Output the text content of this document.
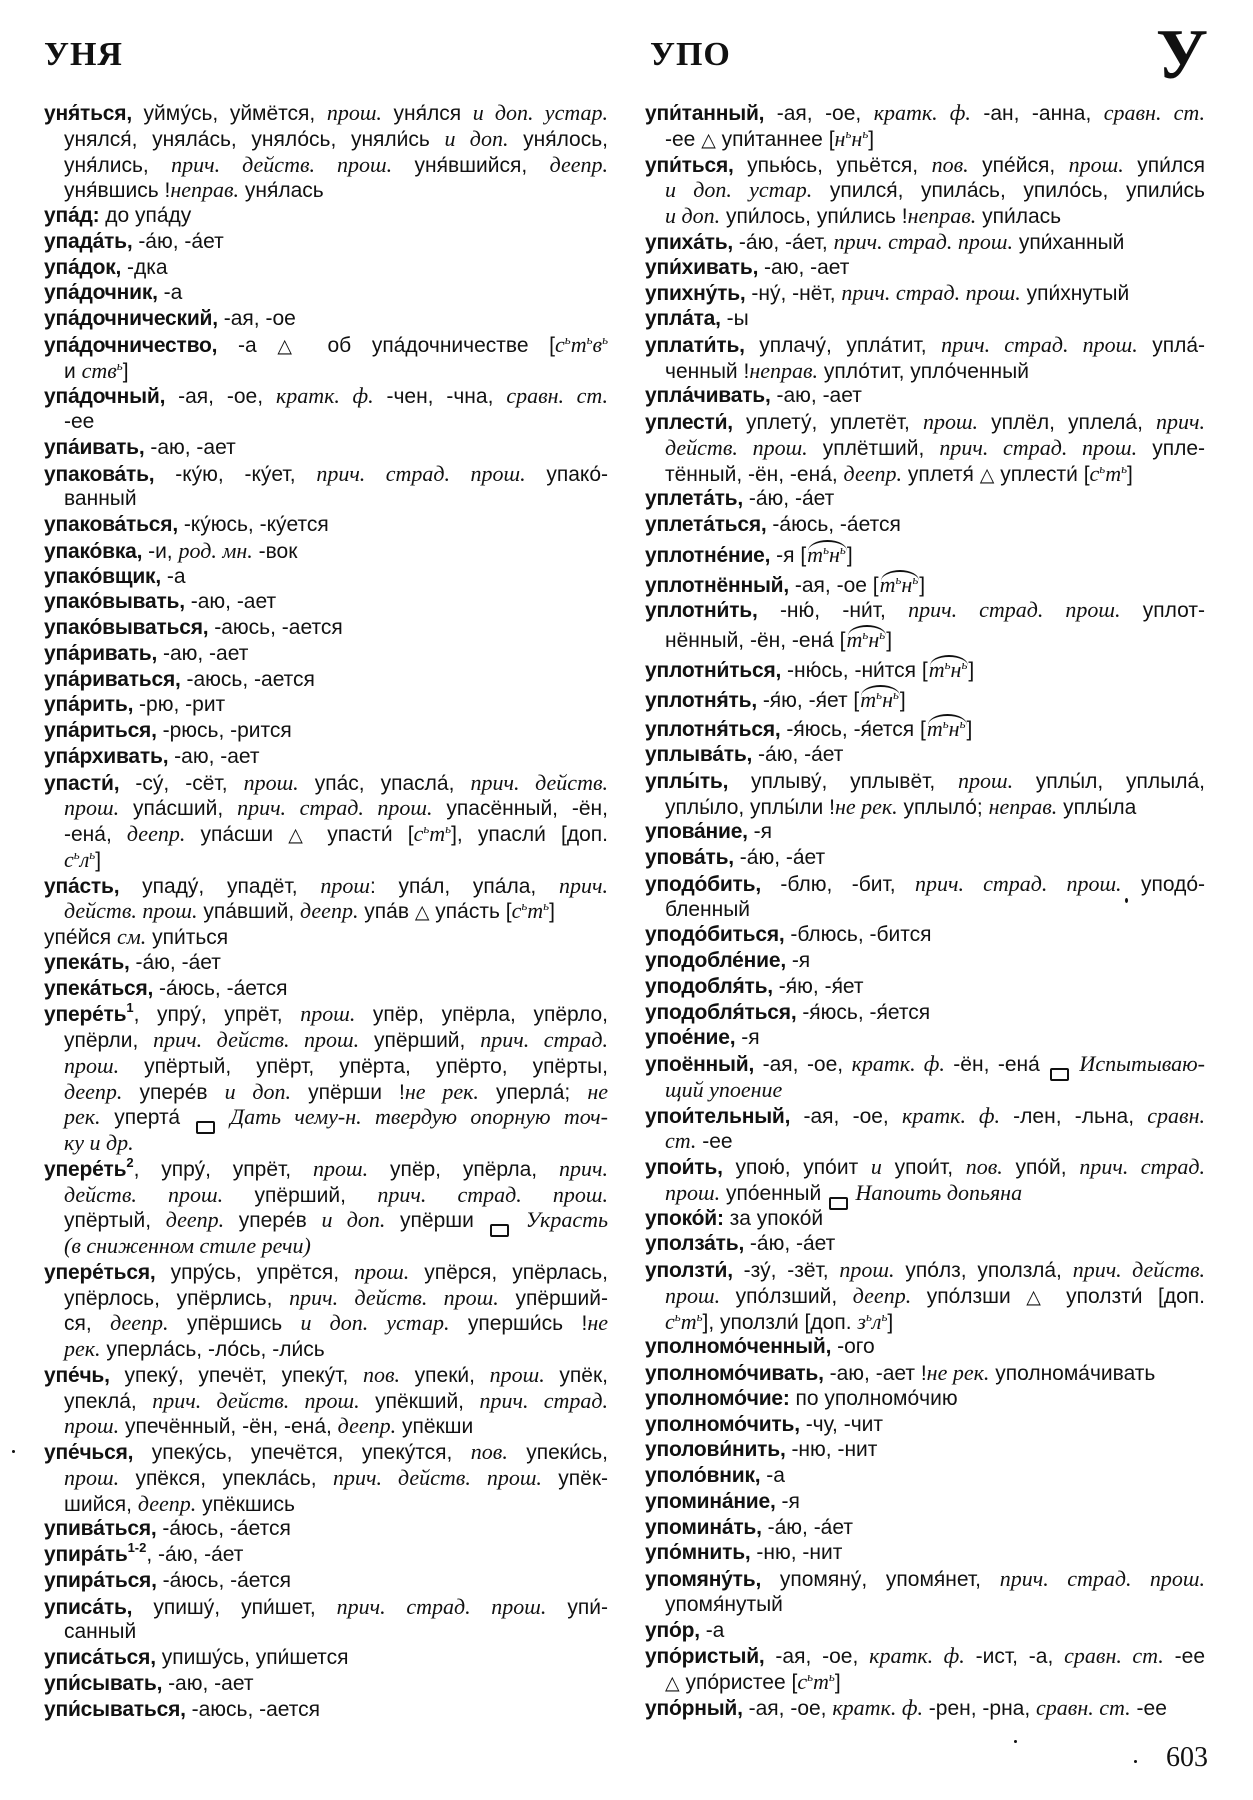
УНЯ	УПО	У
уня́ться, уйму́сь, уймётся, прош. уня́лся и доп. устар.
унялся́, уняла́сь, уняло́сь, уняли́сь и доп. уня́лось,
уня́лись, прич. действ. прош. уня́вшийся, деепр.
уня́вшись !неправ. уня́лась
упа́д: до упа́ду
упада́ть, -а́ю, -а́ет
упа́док, -дка
упа́дочник, -а
упа́дочнический, -ая, -ое
упа́дочничество, -а △ об упа́дочничестве [$с^ьт^ьв^ь$
и ств$^ь$]
упа́дочный, -ая, -ое, кратк. ф. -чен, -чна, сравн. ст.
-ее
упа́ивать, -аю, -ает
упакова́ть, -ку́ю, -ку́ет, прич. страд. прош. упако́-
ванный
упакова́ться, -ку́юсь, -ку́ется
упако́вка, -и, род. мн. -вок
упако́вщик, -а
упако́вывать, -аю, -ает
упако́вываться, -аюсь, -ается
упа́ривать, -аю, -ает
упа́риваться, -аюсь, -ается
упа́рить, -рю, -рит
упа́риться, -рюсь, -рится
упа́рхивать, -аю, -ает
упасти́, -су́, -сёт, прош. упа́с, упасла́, прич. действ.
прош. упа́сший, прич. страд. прош. упасённый, -ён,
-ена́, деепр. упа́сши △ упасти́ $[с^ьт^ь]$, упасли́ [доп.
$с^ьл^ь$]
упа́сть, упаду́, упадёт, прош: упа́л, упа́ла, прич.
действ. прош. упа́вший, деепр. упа́в △ упа́сть $[с^ьт^ь]$
упе́йся см. упи́ться
упека́ть, -а́ю, -а́ет
упека́ться, -а́юсь, -а́ется
$упере́ть^1$, упру́, упрёт, прош. упёр, упёрла, упёрло,
упёрли, прич. действ. прош. упёрший, прич. страд.
прош. упёртый, упёрт, упёрта, упёрто, упёрты,
деепр. упере́в и доп. упёрши !не рек. уперла́; не
рек. уперта́  Дать чему-н. твердую опорную точ-
ку и др.
$упере́ть^2$, упру́, упрёт, прош. упёр, упёрла, прич.
действ. прош. упёрший, прич. страд. прош.
упёртый, деепр. упере́в и доп. упёрши  Украсть
(в сниженном стиле речи)
упере́ться, упру́сь, упрётся, прош. упёрся, упёрлась,
упёрлось, упёрлись, прич. действ. прош. упёрший-
ся, деепр. упёршись и доп. устар. уперши́сь !не
рек. уперла́сь, -ло́сь, -ли́сь
упе́чь, упеку́, упечёт, упеку́т, пов. упеки́, прош. упёк,
упекла́, прич. действ. прош. упёкший, прич. страд.
прош. упечённый, -ён, -ена́, деепр. упёкши
упе́чься, упеку́сь, упечётся, упеку́тся, пов. упеки́сь,
прош. упёкся, упекла́сь, прич. действ. прош. упёк-
шийся, деепр. упёкшись
упива́ться, -а́юсь, -а́ется
$упира́ть^{1-2}$, -а́ю, -а́ет
упира́ться, -а́юсь, -а́ется
уписа́ть, упишу́, упи́шет, прич. страд. прош. упи́-
санный
уписа́ться, упишу́сь, упи́шется
упи́сывать, -аю, -ает
упи́сываться, -аюсь, -ается
упи́танный, -ая, -ое, кратк. ф. -ан, -анна, сравн. ст.
-ее △ упи́таннее $[н^ьн^ь]$
упи́ться, упью́сь, упьётся, пов. упе́йся, прош. упи́лся
и доп. устар. упился́, упила́сь, упило́сь, упили́сь
и доп. упи́лось, упи́лись !неправ. упи́лась
упиха́ть, -а́ю, -а́ет, прич. страд. прош. упи́ханный
упи́хивать, -аю, -ает
упихну́ть, -ну́, -нёт, прич. страд. прош. упи́хнутый
упла́та, -ы
уплати́ть, уплачу́, упла́тит, прич. страд. прош. упла́-
ченный !неправ. упло́тит, упло́ченный
упла́чивать, -аю, -ает
уплести́, уплету́, уплетёт, прош. уплёл, уплела́, прич.
действ. прош. уплётший, прич. страд. прош. упле-
тённый, -ён, -ена́, деепр. уплетя́ △ уплести́ $[с^ьт^ь]$
уплета́ть, -а́ю, -а́ет
уплета́ться, -а́юсь, -а́ется
уплотне́ние, -я $[т^ьн^ь]$
уплотнённый, -ая, -ое $[т^ьн^ь]$
уплотни́ть, -ню́, -ни́т, прич. страд. прош. уплот-
нённый, -ён, -ена́ $[т^ьн^ь]$
уплотни́ться, -ню́сь, -ни́тся $[т^ьн^ь]$
уплотня́ть, -я́ю, -я́ет $[т^ьн^ь]$
уплотня́ться, -я́юсь, -я́ется $[т^ьн^ь]$
уплыва́ть, -а́ю, -а́ет
уплы́ть, уплыву́, уплывёт, прош. уплы́л, уплыла́,
уплы́ло, уплы́ли !не рек. уплыло́; неправ. уплы́ла
упова́ние, -я
упова́ть, -а́ю, -а́ет
уподо́бить, -блю, -бит, прич. страд. прош. уподо́-
бленный
уподо́биться, -блюсь, -бится
уподобле́ние, -я
уподобля́ть, -я́ю, -я́ет
уподобля́ться, -я́юсь, -я́ется
упое́ние, -я
упоённый, -ая, -ое, кратк. ф. -ён, -ена́  Испытываю-
щий упоение
упои́тельный, -ая, -ое, кратк. ф. -лен, -льна, сравн.
ст. -ее
упои́ть, упою́, упо́ит и упои́т, пов. упо́й, прич. страд.
прош. упо́енный  Напоить допьяна
упоко́й: за упоко́й
уполза́ть, -а́ю, -а́ет
уползти́, -зу́, -зёт, прош. упо́лз, уползла́, прич. действ.
прош. упо́лзший, деепр. упо́лзши △ уползти́ [доп.
$с^ьт^ь$], уползли́ [доп. $з^ьл^ь$]
уполномо́ченный, -ого
уполномо́чивать, -аю, -ает !не рек. уполнома́чивать
уполномо́чие: по уполномо́чию
уполномо́чить, -чу, -чит
уполови́нить, -ню, -нит
уполо́вник, -а
упомина́ние, -я
упомина́ть, -а́ю, -а́ет
упо́мнить, -ню, -нит
упомяну́ть, упомяну́, упомя́нет, прич. страд. прош.
упомя́нутый
упо́р, -а
упо́ристый, -ая, -ое, кратк. ф. -ист, -а, сравн. ст. -ее
△ упо́ристее $[с^ьт^ь]$
упо́рный, -ая, -ое, кратк. ф. -рен, -рна, сравн. ст. -ее
603
